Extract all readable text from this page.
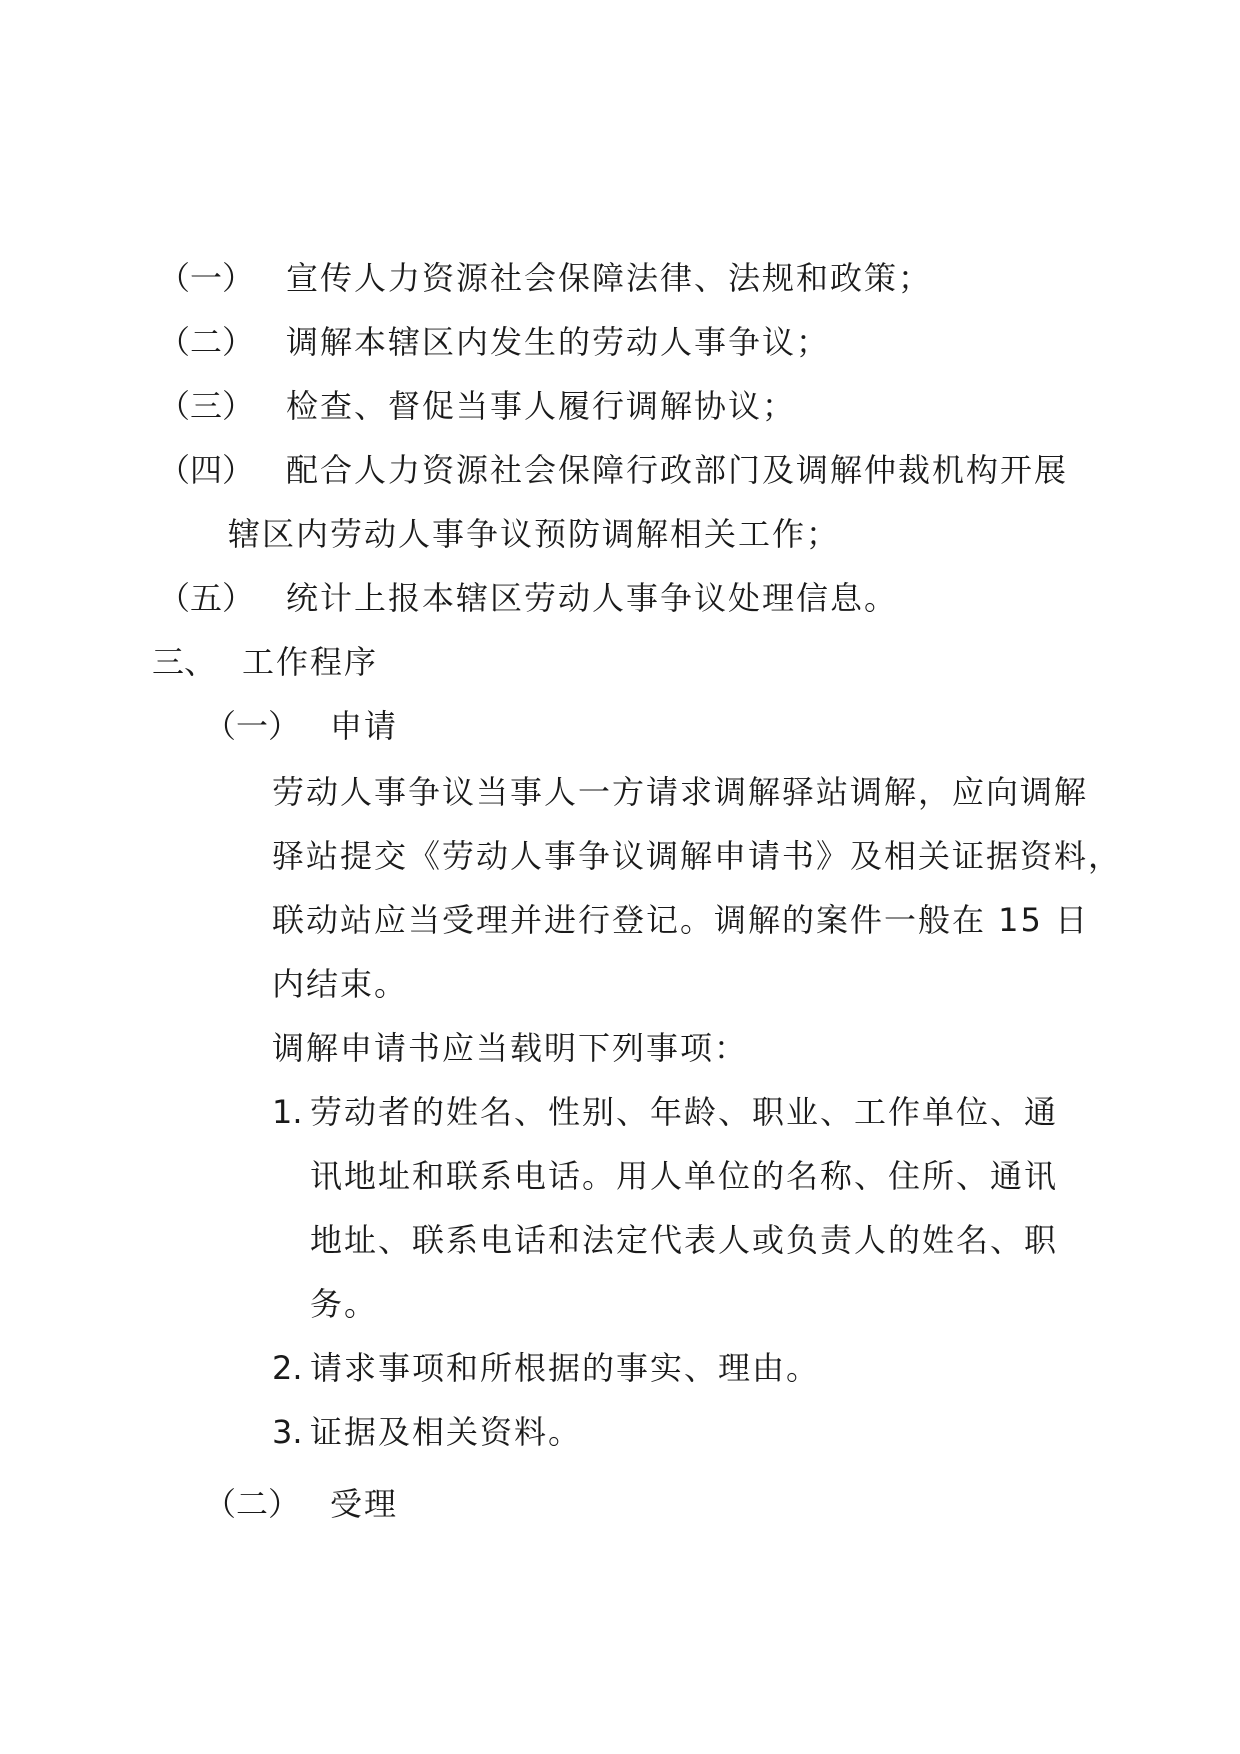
（一） 宣传人力资源社会保障法律、法规和政策；
（二） 调解本辖区内发生的劳动人事争议；
（三） 检查、督促当事人履行调解协议；
（四） 配合人力资源社会保障行政部门及调解仲裁机构开展
辖区内劳动人事争议预防调解相关工作；
（五） 统计上报本辖区劳动人事争议处理信息。
三、 工作程序
（一） 申请
劳动人事争议当事人一方请求调解驿站调解，应向调解
驿站提交《劳动人事争议调解申请书》及相关证据资料，
联动站应当受理并进行登记。调解的案件一般在 15 日
内结束。
调解申请书应当载明下列事项：
1. 劳动者的姓名、性别、年龄、职业、工作单位、通
讯地址和联系电话。用人单位的名称、住所、通讯
地址、联系电话和法定代表人或负责人的姓名、职
务。
2. 请求事项和所根据的事实、理由。
3. 证据及相关资料。
（二） 受理
